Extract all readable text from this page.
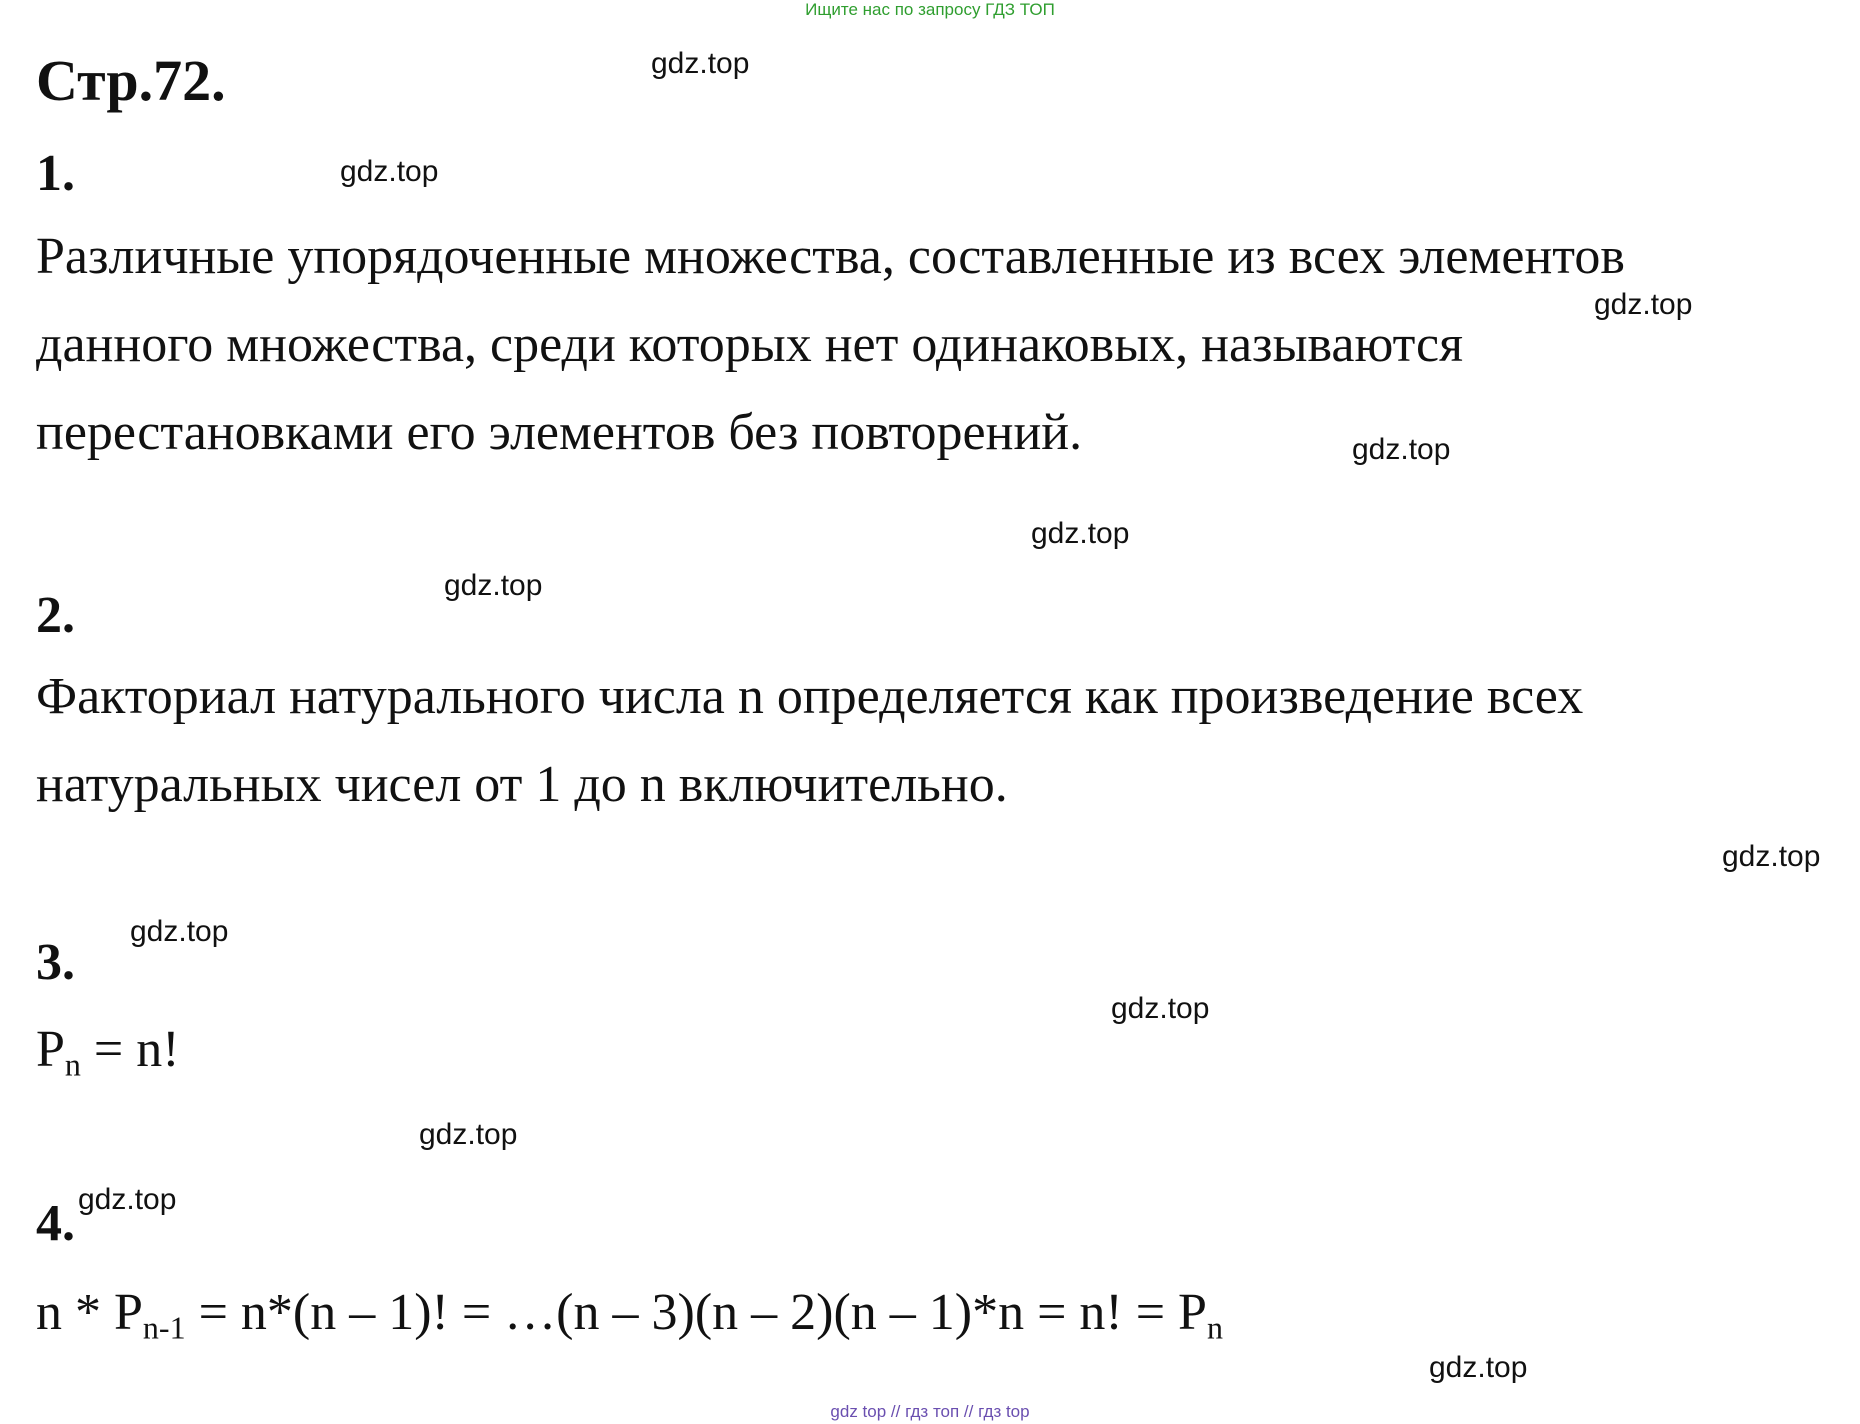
Ищите нас по запросу ГДЗ ТОП
Стр.72.
1.
Различные упорядоченные множества, составленные из всех элементов
данного множества, среди которых нет одинаковых, называются
перестановками его элементов без повторений.
2.
Факториал натурального числа n определяется как произведение всех
натуральных чисел от 1 до n включительно.
3.
$P_n = n$!
4.
$n * P_{n-1} = n*(n - 1)$! = …(n – 3)(n – 2)(n – 1)*n = n! = $P_n$
gdz.top
gdz.top
gdz.top
gdz.top
gdz.top
gdz.top
gdz.top
gdz.top
gdz.top
gdz.top
gdz.top
gdz.top
gdz top // гдз топ // гдз top
